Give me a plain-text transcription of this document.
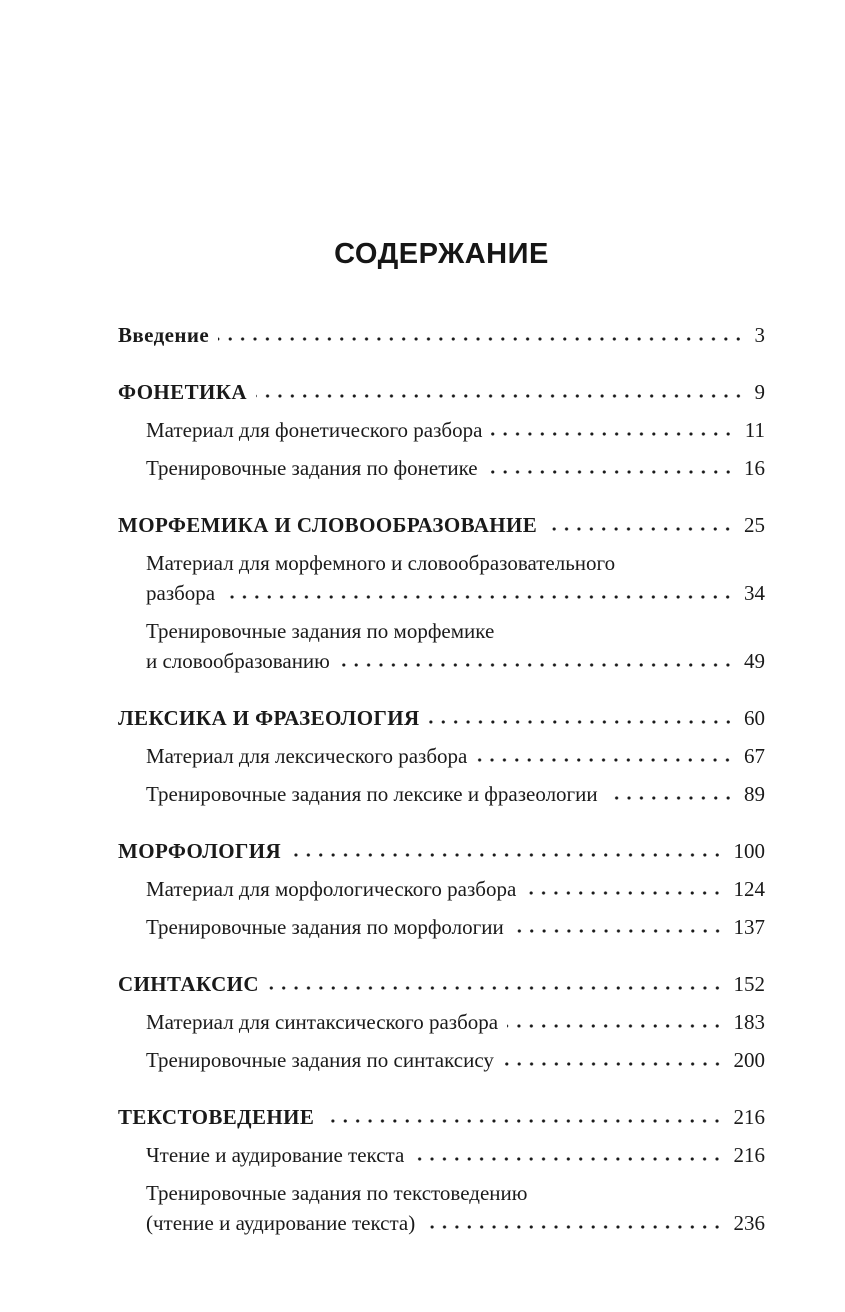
СОДЕРЖАНИЕ
Введение	3
ФОНЕТИКА	9
Материал для фонетического разбора	11
Тренировочные задания по фонетике	16
МОРФЕМИКА И СЛОВООБРАЗОВАНИЕ	25
Материал для морфемного и словообразовательного
разбора	34
Тренировочные задания по морфемике
и словообразованию	49
ЛЕКСИКА И ФРАЗЕОЛОГИЯ	60
Материал для лексического разбора	67
Тренировочные задания по лексике и фразеологии	89
МОРФОЛОГИЯ	100
Материал для морфологического разбора	124
Тренировочные задания по морфологии	137
СИНТАКСИС	152
Материал для синтаксического разбора	183
Тренировочные задания по синтаксису	200
ТЕКСТОВЕДЕНИЕ	216
Чтение и аудирование текста	216
Тренировочные задания по текстоведению
(чтение и аудирование текста)	236
